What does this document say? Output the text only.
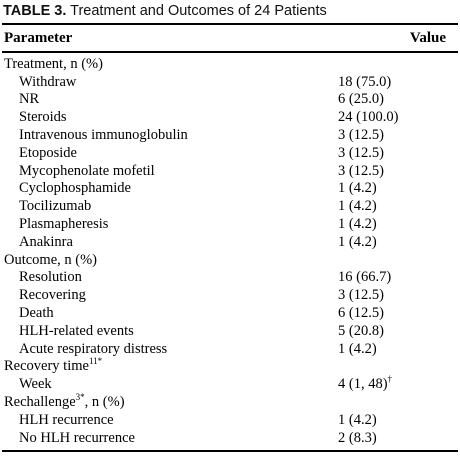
TABLE 3. Treatment and Outcomes of 24 Patients
Parameter	Value
Treatment, n (%)
Withdraw	18 (75.0)
NR	6 (25.0)
Steroids	24 (100.0)
Intravenous immunoglobulin	3 (12.5)
Etoposide	3 (12.5)
Mycophenolate mofetil	3 (12.5)
Cyclophosphamide	1 (4.2)
Tocilizumab	1 (4.2)
Plasmapheresis	1 (4.2)
Anakinra	1 (4.2)
Outcome, n (%)
Resolution	16 (66.7)
Recovering	3 (12.5)
Death	6 (12.5)
HLH-related events	5 (20.8)
Acute respiratory distress	1 (4.2)
Recovery time$^{11*}$
Week	4 (1, 48)†
Rechallenge$^{3*}$, n (%)
HLH recurrence	1 (4.2)
No HLH recurrence	2 (8.3)
